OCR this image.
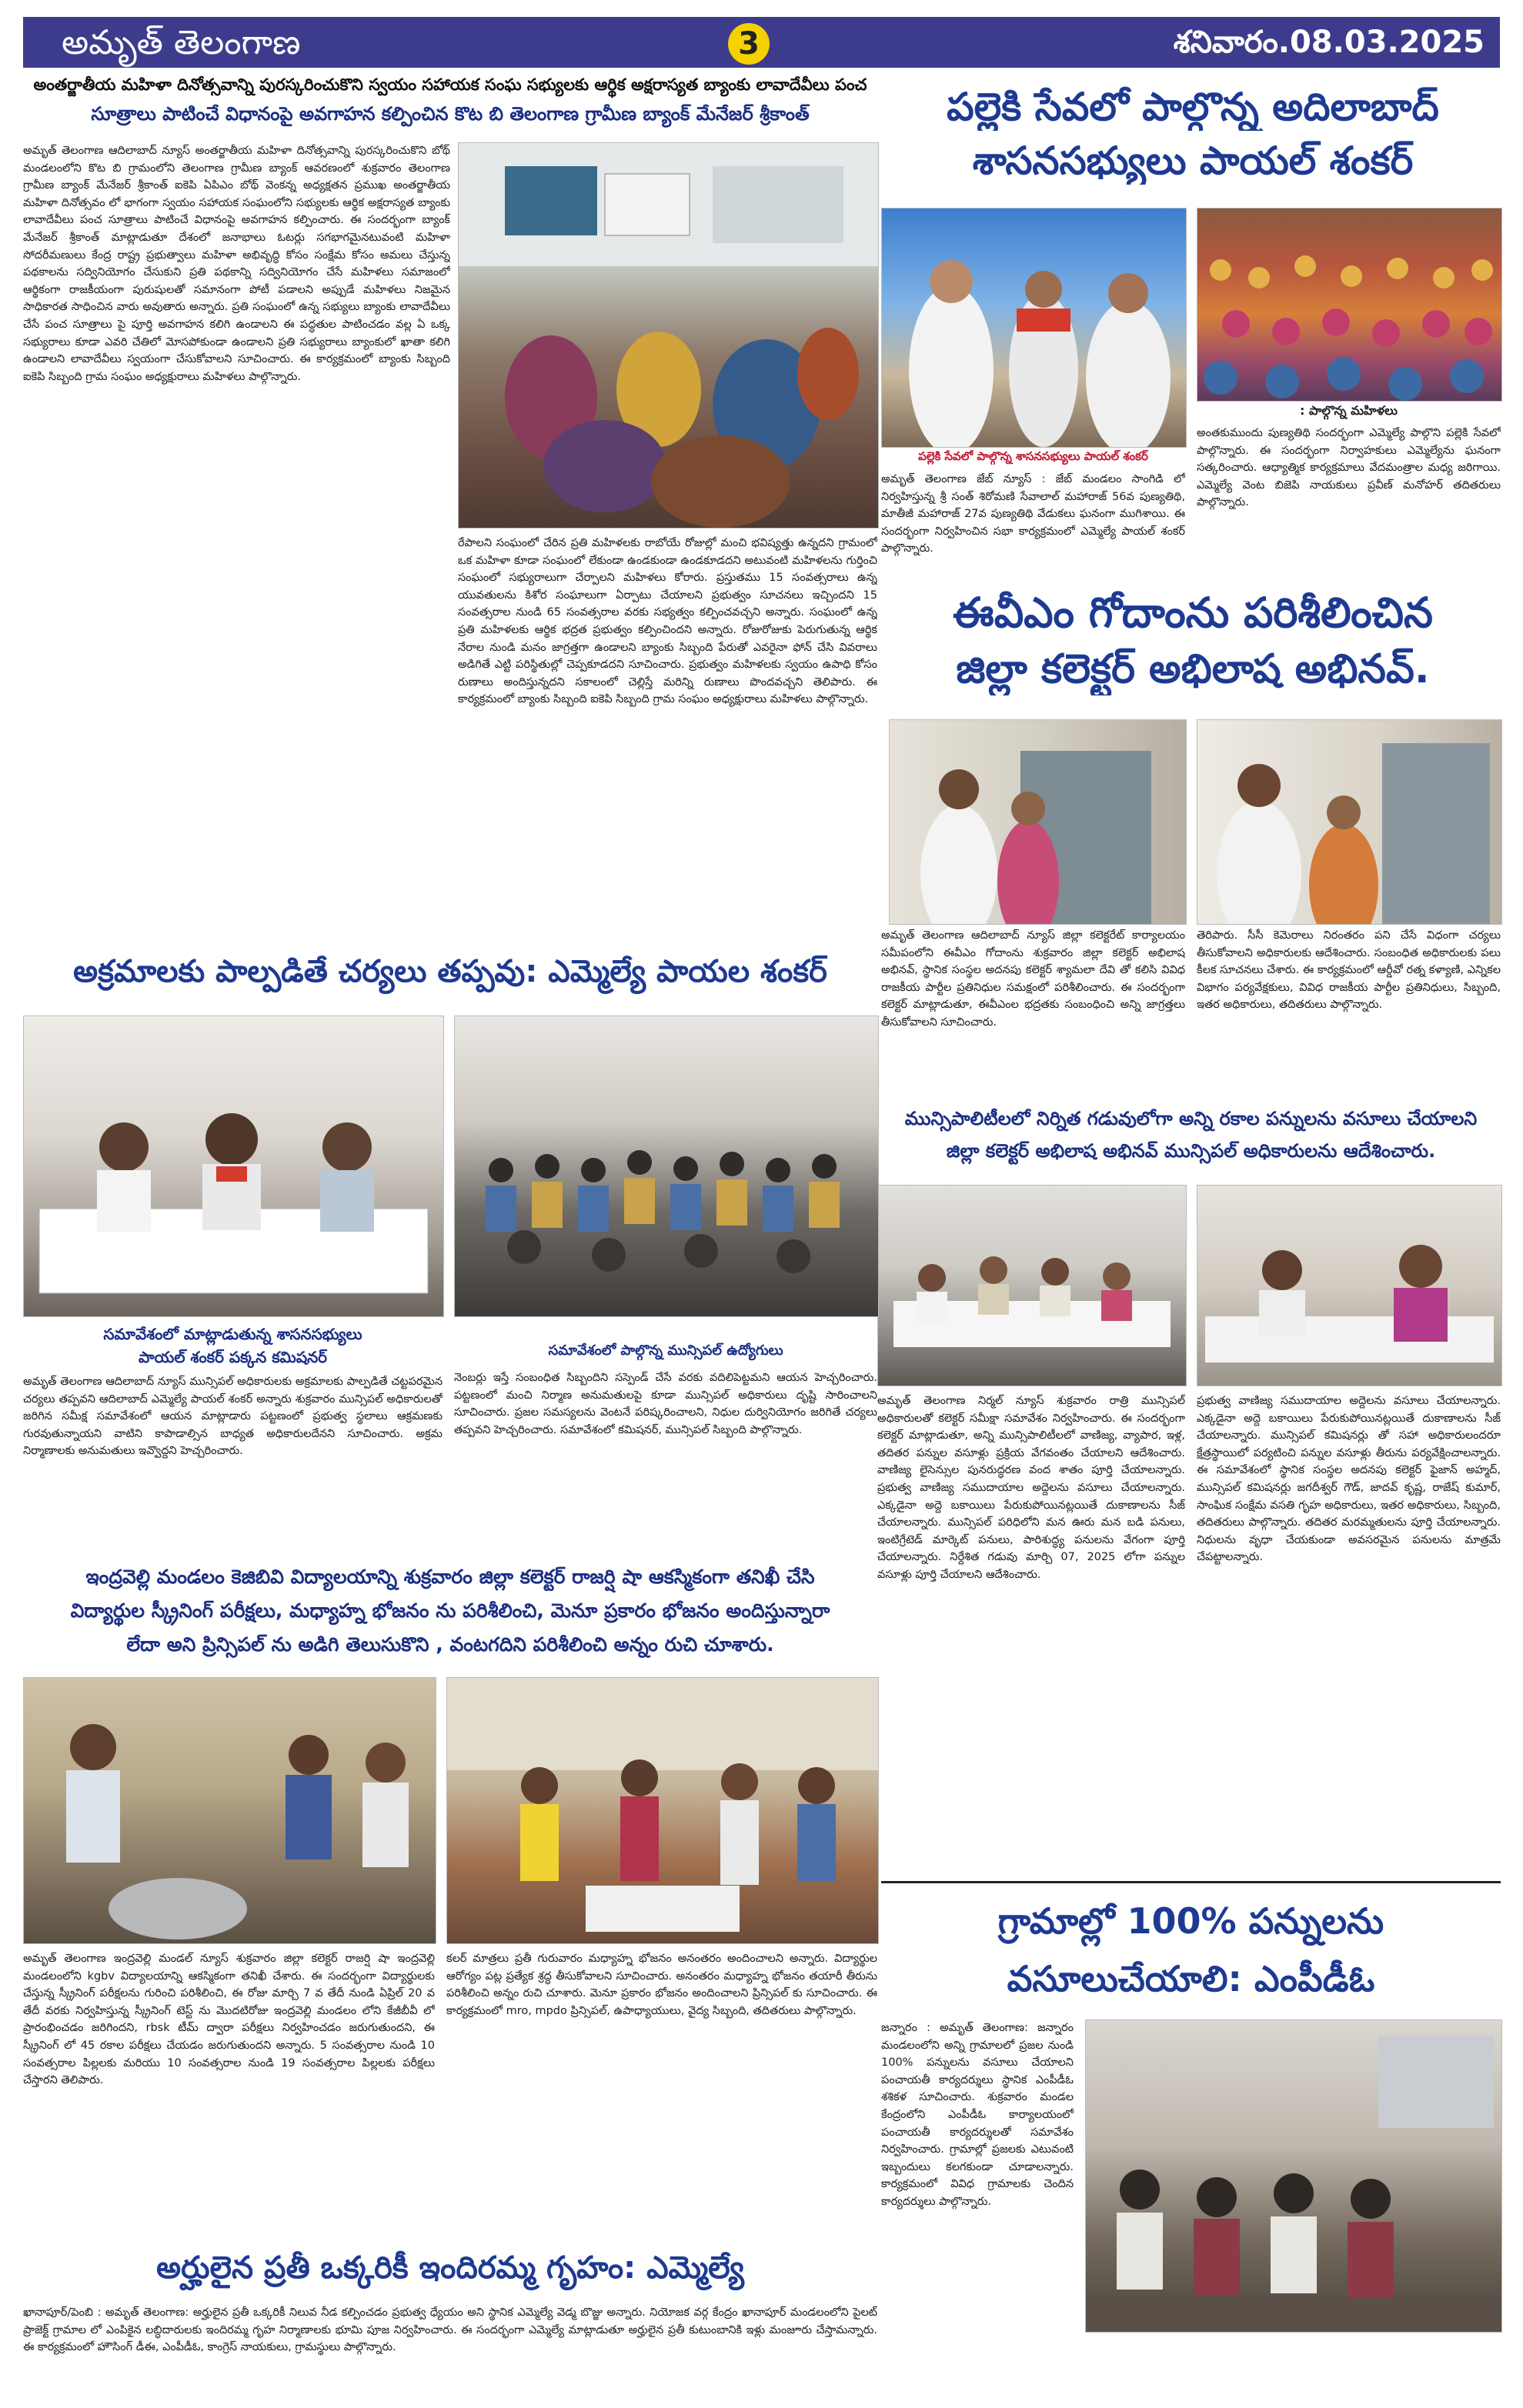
అమృత్ తెలంగాణ	3	శనివారం.08.03.2025
అంతర్జాతీయ మహిళా దినోత్సవాన్ని పురస్కరించుకొని స్వయం సహాయక సంఘ సభ్యులకు ఆర్థిక అక్షరాస్యత బ్యాంకు లావాదేవీలు పంచ
సూత్రాలు పాటించే విధానంపై అవగాహన కల్పించిన కొట బి తెలంగాణ గ్రామీణ బ్యాంక్ మేనేజర్ శ్రీకాంత్
అమృత్ తెలంగాణ ఆదిలాబాద్ న్యూస్ అంతర్జాతీయ మహిళా దినోత్సవాన్ని పురస్కరించుకొని బోథ్ మండలంలోని కొట బి గ్రామంలోని తెలంగాణ గ్రామీణ బ్యాంక్ ఆవరణంలో శుక్రవారం తెలంగాణ గ్రామీణ బ్యాంక్ మేనేజర్ శ్రీకాంత్ ఐకెపి ఏపిఎం బోథ్ వెంకన్న అధ్యక్షతన ప్రముఖ అంతర్జాతీయ మహిళా దినోత్సవం లో భాగంగా స్వయం సహాయక సంఘంలోని సభ్యులకు ఆర్థిక అక్షరాస్యత బ్యాంకు లావాదేవీలు పంచ సూత్రాలు పాటించే విధానంపై అవగాహన కల్పించారు. ఈ సందర్భంగా బ్యాంక్ మేనేజర్ శ్రీకాంత్ మాట్లాడుతూ దేశంలో జనాభాలు ఓటర్లు సగభాగమైనటువంటి మహిళా సోదరీమణులు కేంద్ర రాష్ట్ర ప్రభుత్వాలు మహిళా అభివృద్ధి కోసం సంక్షేమ కోసం అమలు చేస్తున్న పథకాలను సద్వినియోగం చేసుకుని ప్రతి పథకాన్ని సద్వినియోగం చేసే మహిళలు సమాజంలో ఆర్థికంగా రాజకీయంగా పురుషులతో సమానంగా పోటీ పడాలని అప్పుడే మహిళలు నిజమైన సాధికారత సాధించిన వారు అవుతారు అన్నారు. ప్రతి సంఘంలో ఉన్న సభ్యులు బ్యాంకు లావాదేవీలు చేసే పంచ సూత్రాలు పై పూర్తి అవగాహన కలిగి ఉండాలని ఈ పద్ధతుల పాటించడం వల్ల ఏ ఒక్క సభ్యురాలు కూడా ఎవరి చేతిలో మోసపోకుండా ఉండాలని ప్రతి సభ్యురాలు బ్యాంకులో ఖాతా కలిగి ఉండాలని లావాదేవీలు స్వయంగా చేసుకోవాలని సూచించారు. ఈ కార్యక్రమంలో బ్యాంకు సిబ్బంది ఐకెపి సిబ్బంది గ్రామ సంఘం అధ్యక్షురాలు మహిళలు పాల్గొన్నారు.
రేపాలని సంఘంలో చేరిన ప్రతి మహిళలకు రాబోయే రోజుల్లో మంచి భవిష్యత్తు ఉన్నదని గ్రామంలో ఒక మహిళా కూడా సంఘంలో లేకుండా ఉండకుండా ఉండకూడదని అటువంటి మహిళలను గుర్తించి సంఘంలో సభ్యురాలుగా చేర్పాలని మహిళలు కోరారు. ప్రస్తుతము 15 సంవత్సరాలు ఉన్న యువతులను కిశోర సంఘాలుగా ఏర్పాటు చేయాలని ప్రభుత్వం సూచనలు ఇచ్చిందని 15 సంవత్సరాల నుండి 65 సంవత్సరాల వరకు సభ్యత్వం కల్పించవచ్చని అన్నారు. సంఘంలో ఉన్న ప్రతి మహిళలకు ఆర్థిక భద్రత ప్రభుత్వం కల్పించిందని అన్నారు. రోజురోజుకు పెరుగుతున్న ఆర్థిక నేరాల నుండి మనం జాగ్రత్తగా ఉండాలని బ్యాంకు సిబ్బంది పేరుతో ఎవరైనా ఫోన్ చేసి వివరాలు అడిగితే ఎట్టి పరిస్థితుల్లో చెప్పకూడదని సూచించారు. ప్రభుత్వం మహిళలకు స్వయం ఉపాధి కోసం రుణాలు అందిస్తున్నదని సకాలంలో చెల్లిస్తే మరిన్ని రుణాలు పొందవచ్చని తెలిపారు. ఈ కార్యక్రమంలో బ్యాంకు సిబ్బంది ఐకెపి సిబ్బంది గ్రామ సంఘం అధ్యక్షురాలు మహిళలు పాల్గొన్నారు.
పల్లెకి సేవలో పాల్గొన్న అదిలాబాద్
శాసనసభ్యులు పాయల్ శంకర్
పల్లెకి సేవలో పాల్గొన్న శాసనసభ్యులు పాయల్ శంకర్
: పాల్గొన్న మహిళలు
అమృత్ తెలంగాణ జేబ్ న్యూస్ : జేబ్ మండలం సాంగిడి లో నిర్వహిస్తున్న శ్రీ సంత్ శిరోమణి సేవాలాల్ మహారాజ్ 56వ పుణ్యతిథి, మాతీజీ మహారాజ్ 27వ పుణ్యతిథి వేడుకలు ఘనంగా ముగిశాయి. ఈ సందర్భంగా నిర్వహించిన సభా కార్యక్రమంలో ఎమ్మెల్యే పాయల్ శంకర్ పాల్గొన్నారు.
అంతకుముందు పుణ్యతిథి సందర్భంగా ఎమ్మెల్యే పాల్గొని పల్లెకి సేవలో పాల్గొన్నారు. ఈ సందర్భంగా నిర్వాహకులు ఎమ్మెల్యేను ఘనంగా సత్కరించారు. ఆధ్యాత్మిక కార్యక్రమాలు వేదమంత్రాల మధ్య జరిగాయి. ఎమ్మెల్యే వెంట బిజెపి నాయకులు ప్రవీణ్ మనోహర్ తదితరులు పాల్గొన్నారు.
ఈవీఎం గోదాంను పరిశీలించిన
జిల్లా కలెక్టర్ అభిలాష అభినవ్.
అమృత్ తెలంగాణ ఆదిలాబాద్ న్యూస్ జిల్లా కలెక్టరేట్ కార్యాలయం సమీపంలోని ఈవీఎం గోదాంను శుక్రవారం జిల్లా కలెక్టర్ అభిలాష అభినవ్, స్థానిక సంస్థల అదనపు కలెక్టర్ శ్యామలా దేవి తో కలిసి వివిధ రాజకీయ పార్టీల ప్రతినిధుల సమక్షంలో పరిశీలించారు. ఈ సందర్భంగా కలెక్టర్ మాట్లాడుతూ, ఈవీఎంల భద్రతకు సంబంధించి అన్ని జాగ్రత్తలు తీసుకోవాలని సూచించారు.
తెరిపారు. సీసీ కెమెరాలు నిరంతరం పని చేసే విధంగా చర్యలు తీసుకోవాలని అధికారులకు ఆదేశించారు. సంబంధిత అధికారులకు పలు కీలక సూచనలు చేశారు. ఈ కార్యక్రమంలో ఆర్డీవో రత్న కళ్యాణి, ఎన్నికల విభాగం పర్యవేక్షకులు, వివిధ రాజకీయ పార్టీల ప్రతినిధులు, సిబ్బంది, ఇతర అధికారులు, తదితరులు పాల్గొన్నారు.
మున్సిపాలిటీలలో నిర్నిత గడువులోగా అన్ని రకాల పన్నులను వసూలు చేయాలని
జిల్లా కలెక్టర్ అభిలాష అభినవ్ మున్సిపల్ అధికారులను ఆదేశించారు.
అమృత్ తెలంగాణ నిర్మల్ న్యూస్ శుక్రవారం రాత్రి మున్సిపల్ అధికారులతో కలెక్టర్ సమీక్షా సమావేశం నిర్వహించారు. ఈ సందర్భంగా కలెక్టర్ మాట్లాడుతూ, అన్ని మున్సిపాలిటీలలో వాణిజ్య, వ్యాపార, ఇళ్ల, తదితర పన్నుల వసూళ్లు ప్రక్రియ వేగవంతం చేయాలని ఆదేశించారు. వాణిజ్య లైసెన్సుల పునరుద్ధరణ వంద శాతం పూర్తి చేయాలన్నారు. ప్రభుత్వ వాణిజ్య సముదాయాల అద్దెలను వసూలు చేయాలన్నారు. ఎక్కడైనా అద్దె బకాయిలు పేరుకుపోయినట్లయితే దుకాణాలను సీజ్ చేయాలన్నారు. మున్సిపల్ పరిధిలోని మన ఊరు మన బడి పనులు, ఇంటిగ్రేటెడ్ మార్కెట్ పనులు, పారిశుద్ధ్య పనులను వేగంగా పూర్తి చేయాలన్నారు. నిర్దేశిత గడువు మార్చి 07, 2025 లోగా పన్నుల వసూళ్లు పూర్తి చేయాలని ఆదేశించారు.
ప్రభుత్వ వాణిజ్య సముదాయాల అద్దెలను వసూలు చేయాలన్నారు. ఎక్కడైనా అద్దె బకాయిలు పేరుకుపోయినట్లయితే దుకాణాలను సీజ్ చేయాలన్నారు. మున్సిపల్ కమిషనర్లు తో సహా అధికారులందరూ క్షేత్రస్థాయిలో పర్యటించి పన్నుల వసూళ్లు తీరును పర్యవేక్షించాలన్నారు. ఈ సమావేశంలో స్థానిక సంస్థల అదనపు కలెక్టర్ ఫైజాన్ అహ్మద్, మున్సిపల్ కమిషనర్లు జగదీశ్వర్ గౌడ్, జాదవ్ కృష్ణ, రాజేష్ కుమార్, సాంఘిక సంక్షేమ వసతి గృహ అధికారులు, ఇతర అధికారులు, సిబ్బంది, తదితరులు పాల్గొన్నారు. తదితర మరమ్మతులను పూర్తి చేయాలన్నారు. నిధులను వృధా చేయకుండా అవసరమైన పనులను మాత్రమే చేపట్టాలన్నారు.
అక్రమాలకు పాల్పడితే చర్యలు తప్పవు: ఎమ్మెల్యే పాయల శంకర్
సమావేశంలో మాట్లాడుతున్న శాసనసభ్యులు
పాయల్ శంకర్ పక్కన కమిషనర్	సమావేశంలో పాల్గొన్న మున్సిపల్ ఉద్యోగులు
అమృత్ తెలంగాణ ఆదిలాబాద్ న్యూస్ మున్సిపల్ అధికారులకు అక్రమాలకు పాల్పడితే చట్టపరమైన చర్యలు తప్పవని ఆదిలాబాద్ ఎమ్మెల్యే పాయల్ శంకర్ అన్నారు శుక్రవారం మున్సిపల్ అధికారులతో జరిగిన సమీక్ష సమావేశంలో ఆయన మాట్లాడారు పట్టణంలో ప్రభుత్వ స్థలాలు ఆక్రమణకు గురవుతున్నాయని వాటిని కాపాడాల్సిన బాధ్యత అధికారులదేనని సూచించారు. అక్రమ నిర్మాణాలకు అనుమతులు ఇవ్వొద్దని హెచ్చరించారు.
నెంబర్లు ఇస్తే సంబంధిత సిబ్బందిని సస్పెండ్ చేసే వరకు వదిలిపెట్టమని ఆయన హెచ్చరించారు. పట్టణంలో మంచి నిర్మాణ అనుమతులపై కూడా మున్సిపల్ అధికారులు దృష్టి సారించాలని సూచించారు. ప్రజల సమస్యలను వెంటనే పరిష్కరించాలని, నిధుల దుర్వినియోగం జరిగితే చర్యలు తప్పవని హెచ్చరించారు. సమావేశంలో కమిషనర్, మున్సిపల్ సిబ్బంది పాల్గొన్నారు.
ఇంద్రవెల్లి మండలం కెజిబివి విద్యాలయాన్ని శుక్రవారం జిల్లా కలెక్టర్ రాజర్షి షా ఆకస్మికంగా తనిఖీ చేసి
విద్యార్థుల స్క్రీనింగ్ పరీక్షలు, మధ్యాహ్న భోజనం ను పరిశీలించి, మెనూ ప్రకారం భోజనం అందిస్తున్నారా
లేదా అని ప్రిన్సిపల్ ను అడిగి తెలుసుకొని , వంటగదిని పరిశీలించి అన్నం రుచి చూశారు.
అమృత్ తెలంగాణ ఇంద్రవెల్లి మండల్ న్యూస్ శుక్రవారం జిల్లా కలెక్టర్ రాజర్షి షా ఇంద్రవెల్లి మండలంలోని kgbv విద్యాలయాన్ని ఆకస్మికంగా తనిఖీ చేశారు. ఈ సందర్భంగా విద్యార్థులకు చేస్తున్న స్క్రీనింగ్ పరీక్షలను గురించి పరిశీలించి, ఈ రోజు మార్చి 7 వ తేదీ నుండి ఏప్రిల్ 20 వ తేదీ వరకు నిర్వహిస్తున్న స్క్రీనింగ్ టెస్ట్ ను మొదటిరోజు ఇంద్రవెల్లి మండలం లోని కేజీబీవీ లో ప్రారంభించడం జరిగిందని, rbsk టీమ్ ద్వారా పరీక్షలు నిర్వహించడం జరుగుతుందని, ఈ స్క్రీనింగ్ లో 45 రకాల పరీక్షలు చేయడం జరుగుతుందని అన్నారు. 5 సంవత్సరాల నుండి 10 సంవత్సరాల పిల్లలకు మరియు 10 సంవత్సరాల నుండి 19 సంవత్సరాల పిల్లలకు పరీక్షలు చేస్తారని తెలిపారు.
కలర్ మాత్రలు ప్రతీ గురువారం మధ్యాహ్న భోజనం అనంతరం అందించాలని అన్నారు. విద్యార్థుల ఆరోగ్యం పట్ల ప్రత్యేక శ్రద్ధ తీసుకోవాలని సూచించారు. అనంతరం మధ్యాహ్న భోజనం తయారీ తీరును పరిశీలించి అన్నం రుచి చూశారు. మెనూ ప్రకారం భోజనం అందించాలని ప్రిన్సిపల్ కు సూచించారు. ఈ కార్యక్రమంలో mro, mpdo ప్రిన్సిపల్, ఉపాధ్యాయులు, వైద్య సిబ్బంది, తదితరులు పాల్గొన్నారు.
గ్రామాల్లో 100% పన్నులను
వసూలుచేయాలి: ఎంపీడీఓ
జన్నారం : అమృత్ తెలంగాణ: జన్నారం మండలంలోని అన్ని గ్రామాలలో ప్రజల నుండి 100% పన్నులను వసూలు చేయాలని పంచాయతీ కార్యదర్శులు స్థానిక ఎంపీడీఓ శశికళ సూచించారు. శుక్రవారం మండల కేంద్రంలోని ఎంపీడీఓ కార్యాలయంలో పంచాయతీ కార్యదర్శులతో సమావేశం నిర్వహించారు. గ్రామాల్లో ప్రజలకు ఎటువంటి ఇబ్బందులు కలగకుండా చూడాలన్నారు. కార్యక్రమంలో వివిధ గ్రామాలకు చెందిన కార్యదర్శులు పాల్గొన్నారు.
అర్హులైన ప్రతీ ఒక్కరికీ ఇందిరమ్మ గృహం: ఎమ్మెల్యే
ఖానాపూర్/పెంబి : అమృత్ తెలంగాణ: అర్హులైన ప్రతీ ఒక్కరికీ నిలువ నీడ కల్పించడం ప్రభుత్వ ధ్యేయం అని స్థానిక ఎమ్మెల్యే వెడ్మ బొజ్జు అన్నారు. నియోజక వర్గ కేంద్రం ఖానాపూర్ మండలంలోని పైలట్ ప్రాజెక్ట్ గ్రామాల లో ఎంపికైన లబ్ధిదారులకు ఇందిరమ్మ గృహ నిర్మాణాలకు భూమి పూజ నిర్వహించారు. ఈ సందర్భంగా ఎమ్మెల్యే మాట్లాడుతూ అర్హులైన ప్రతీ కుటుంబానికి ఇళ్లు మంజూరు చేస్తామన్నారు. ఈ కార్యక్రమంలో హౌసింగ్ డీఈ, ఎంపీడీఓ, కాంగ్రెస్ నాయకులు, గ్రామస్థులు పాల్గొన్నారు.
